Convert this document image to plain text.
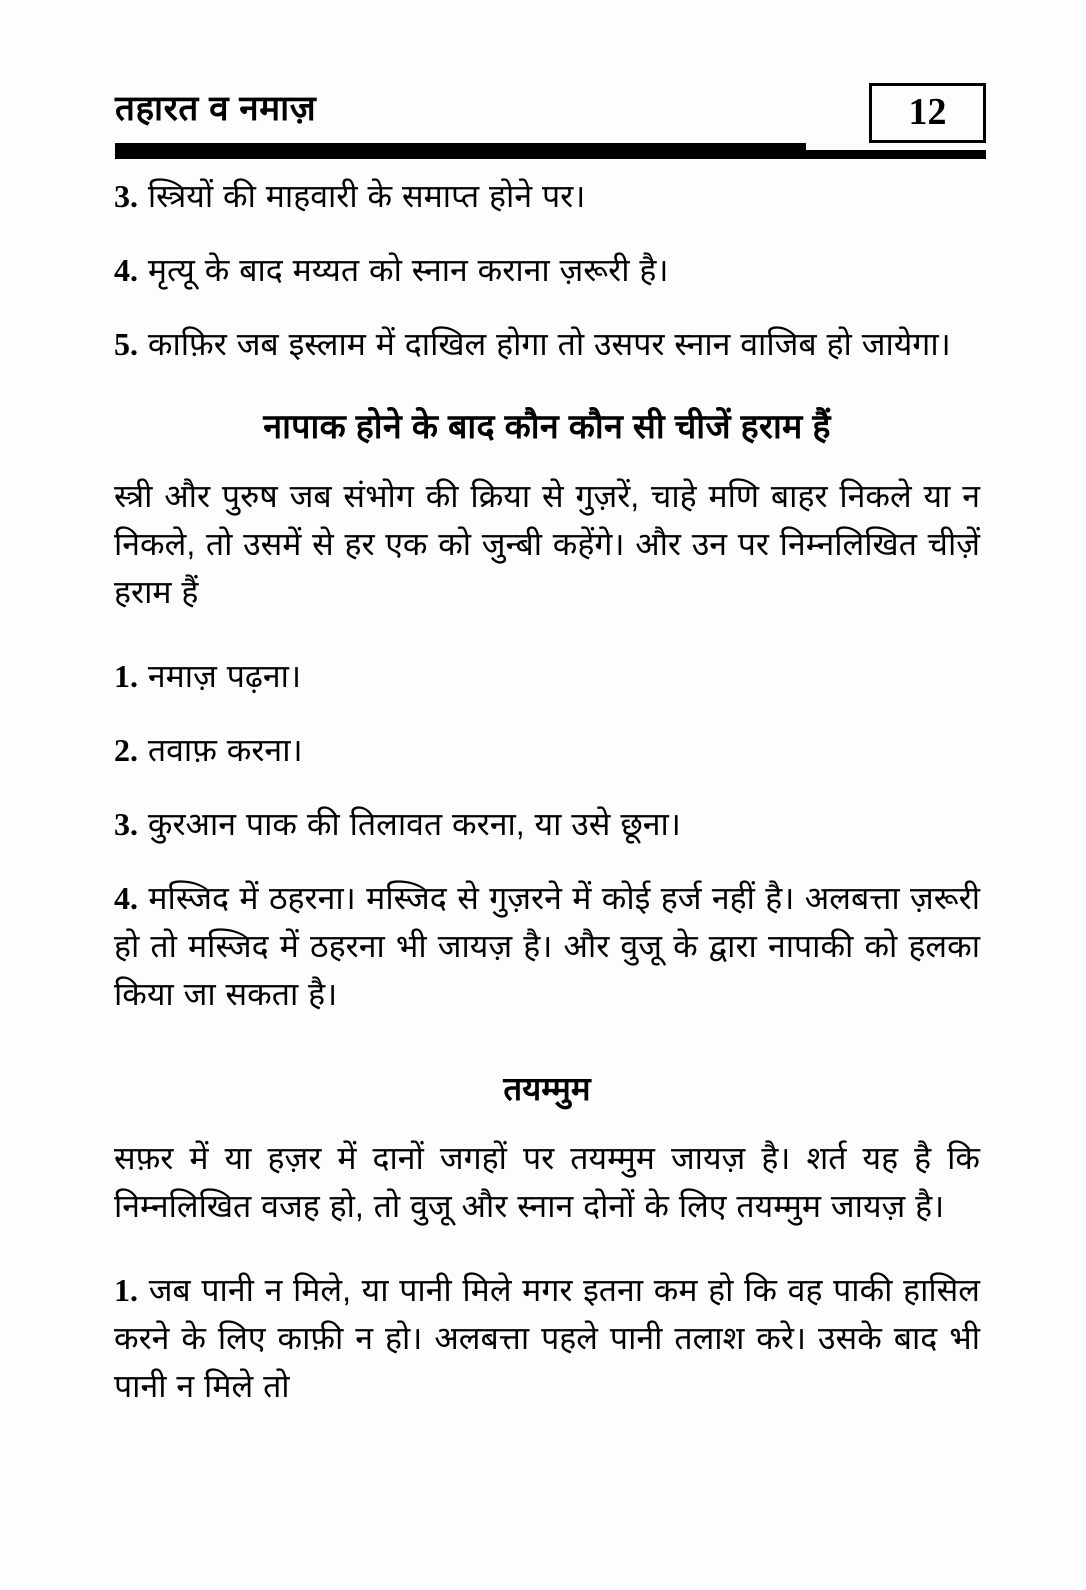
तहारत व नमाज़	12

3. स्त्रियों की माहवारी के समाप्त होने पर।

4. मृत्यू के बाद मय्यत को स्नान कराना ज़रूरी है।

5. काफ़िर जब इस्लाम में दाखिल होगा तो उसपर स्नान वाजिब हो जायेगा।

नापाक होने के बाद कौन कौन सी चीजें हराम हैं

स्त्री और पुरुष जब संभोग की क्रिया से गुज़रें, चाहे मणि बाहर निकले या न निकले, तो उसमें से हर एक को जुन्बी कहेंगे। और उन पर निम्नलिखित चीज़ें हराम हैं

1. नमाज़ पढ़ना।

2. तवाफ़ करना।

3. कुरआन पाक की तिलावत करना, या उसे छूना।

4. मस्जिद में ठहरना। मस्जिद से गुज़रने में कोई हर्ज नहीं है। अलबत्ता ज़रूरी हो तो मस्जिद में ठहरना भी जायज़ है। और वुजू के द्वारा नापाकी को हलका किया जा सकता है।

तयम्मुम

सफ़र में या हज़र में दानों जगहों पर तयम्मुम जायज़ है। शर्त यह है कि निम्नलिखित वजह हो, तो वुजू और स्नान दोनों के लिए तयम्मुम जायज़ है।

1. जब पानी न मिले, या पानी मिले मगर इतना कम हो कि वह पाकी हासिल करने के लिए काफ़ी न हो। अलबत्ता पहले पानी तलाश करे। उसके बाद भी पानी न मिले तो
